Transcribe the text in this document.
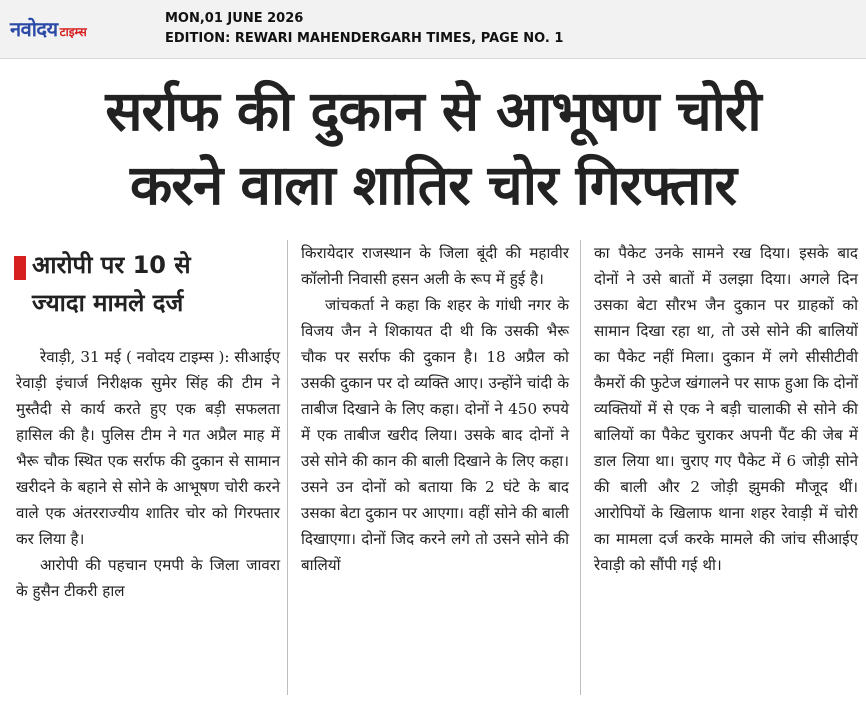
नवोदय टाइम्स
MON,01 JUNE 2026
EDITION: REWARI MAHENDERGARH TIMES, PAGE NO. 1
सर्राफ की दुकान से आभूषण चोरी
करने वाला शातिर चोर गिरफ्तार
आरोपी पर 10 से
ज्यादा मामले दर्ज

रेवाड़ी, 31 मई ( नवोदय टाइम्स ): सीआईए रेवाड़ी इंचार्ज निरीक्षक सुमेर सिंह की टीम ने मुस्तैदी से कार्य करते हुए एक बड़ी सफलता हासिल की है। पुलिस टीम ने गत अप्रैल माह में भैरू चौक स्थित एक सर्राफ की दुकान से सामान खरीदने के बहाने से सोने के आभूषण चोरी करने वाले एक अंतरराज्यीय शातिर चोर को गिरफ्तार कर लिया है।

आरोपी की पहचान एमपी के जिला जावरा के हुसैन टीकरी हाल

किरायेदार राजस्थान के जिला बूंदी की महावीर कॉलोनी निवासी हसन अली के रूप में हुई है।

जांचकर्ता ने कहा कि शहर के गांधी नगर के विजय जैन ने शिकायत दी थी कि उसकी भैरू चौक पर सर्राफ की दुकान है। 18 अप्रैल को उसकी दुकान पर दो व्यक्ति आए। उन्होंने चांदी के ताबीज दिखाने के लिए कहा। दोनों ने 450 रुपये में एक ताबीज खरीद लिया। उसके बाद दोनों ने उसे सोने की कान की बाली दिखाने के लिए कहा। उसने उन दोनों को बताया कि 2 घंटे के बाद उसका बेटा दुकान पर आएगा। वहीं सोने की बाली दिखाएगा। दोनों जिद करने लगे तो उसने सोने की बालियों

का पैकेट उनके सामने रख दिया। इसके बाद दोनों ने उसे बातों में उलझा दिया। अगले दिन उसका बेटा सौरभ जैन दुकान पर ग्राहकों को सामान दिखा रहा था, तो उसे सोने की बालियों का पैकेट नहीं मिला। दुकान में लगे सीसीटीवी कैमरों की फुटेज खंगालने पर साफ हुआ कि दोनों व्यक्तियों में से एक ने बड़ी चालाकी से सोने की बालियों का पैकेट चुराकर अपनी पैंट की जेब में डाल लिया था। चुराए गए पैकेट में 6 जोड़ी सोने की बाली और 2 जोड़ी झुमकी मौजूद थीं। आरोपियों के खिलाफ थाना शहर रेवाड़ी में चोरी का मामला दर्ज करके मामले की जांच सीआईए रेवाड़ी को सौंपी गई थी।
